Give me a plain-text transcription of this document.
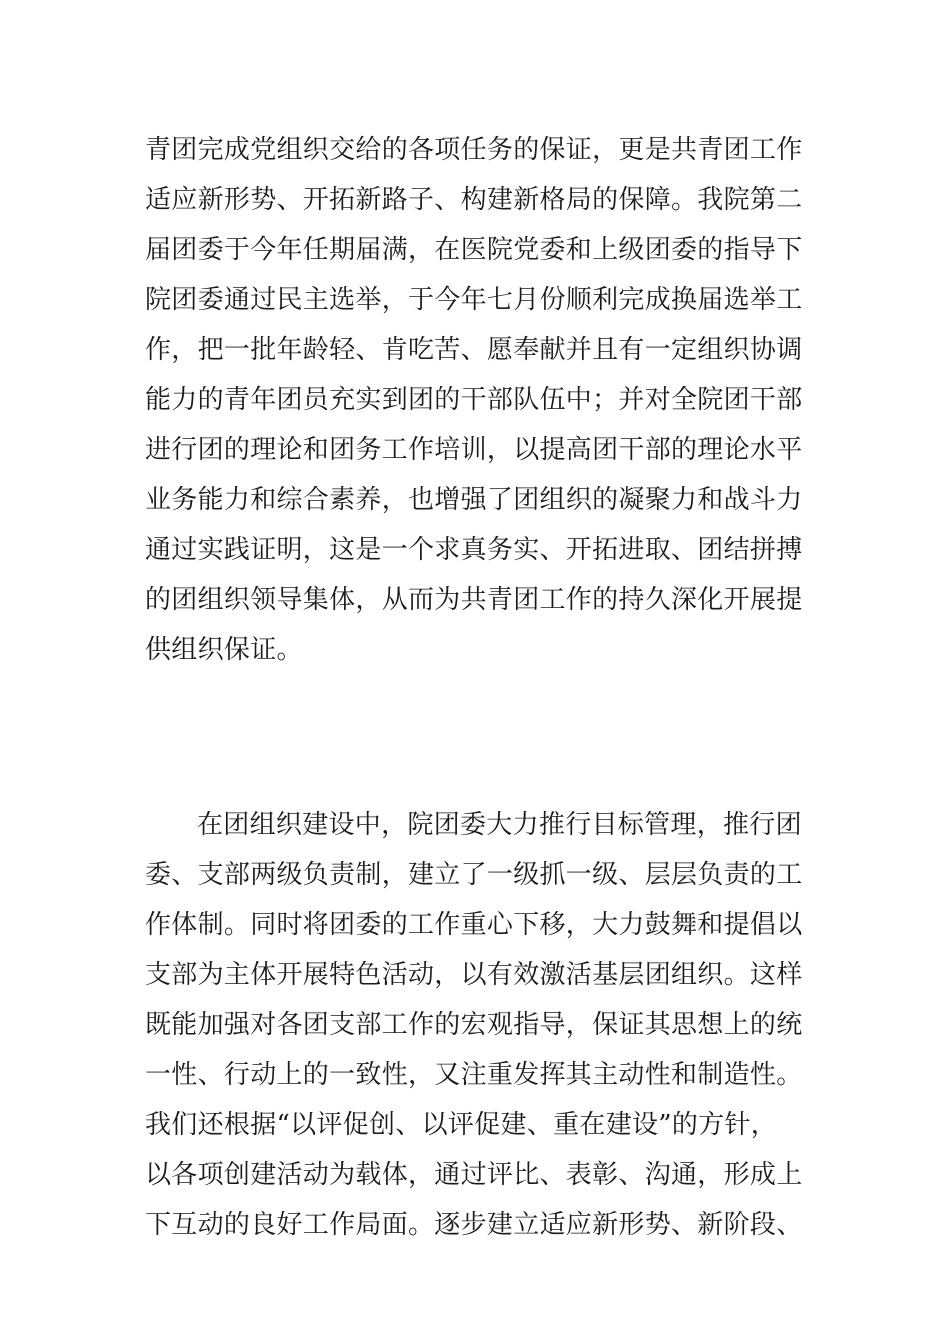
青团完成党组织交给的各项任务的保证，更是共青团工作
适应新形势、开拓新路子、构建新格局的保障。我院第二
届团委于今年任期届满，在医院党委和上级团委的指导下
院团委通过民主选举，于今年七月份顺利完成换届选举工
作，把一批年龄轻、肯吃苦、愿奉献并且有一定组织协调
能力的青年团员充实到团的干部队伍中；并对全院团干部
进行团的理论和团务工作培训，以提高团干部的理论水平
业务能力和综合素养，也增强了团组织的凝聚力和战斗力
通过实践证明，这是一个求真务实、开拓进取、团结拼搏
的团组织领导集体，从而为共青团工作的持久深化开展提
供组织保证。
在团组织建设中，院团委大力推行目标管理，推行团
委、支部两级负责制，建立了一级抓一级、层层负责的工
作体制。同时将团委的工作重心下移，大力鼓舞和提倡以
支部为主体开展特色活动，以有效激活基层团组织。这样
既能加强对各团支部工作的宏观指导，保证其思想上的统
一性、行动上的一致性，又注重发挥其主动性和制造性。
我们还根据“以评促创、以评促建、重在建设”的方针，
以各项创建活动为载体，通过评比、表彰、沟通，形成上
下互动的良好工作局面。逐步建立适应新形势、新阶段、
